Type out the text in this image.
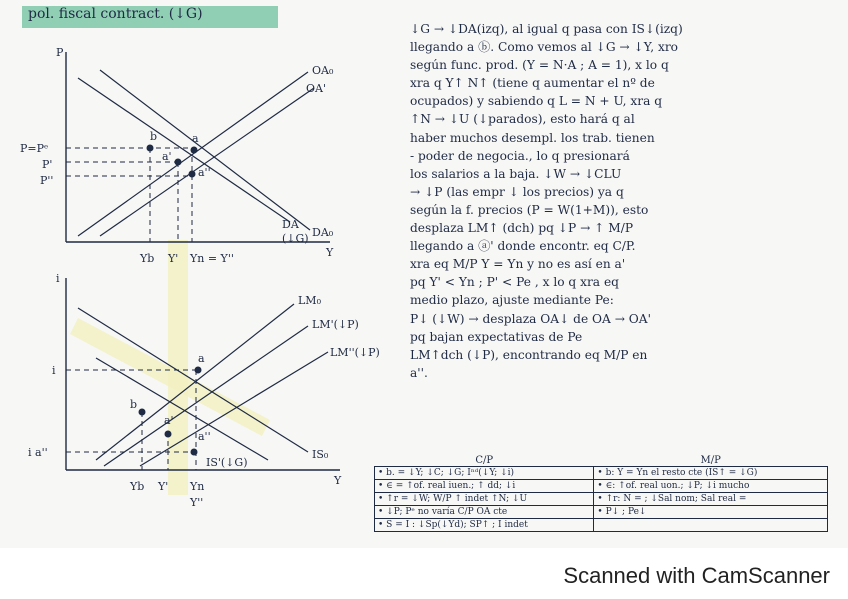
pol. fiscal contract. (↓G)
P
Y
P=Pᵉ
P'
P''
OA₀
OA'
DA
DA₀
(↓G)
b	a
a'
a''
Yb Y' Yn = Y''
i
Y
i
i a''
LM₀
LM'(↓P)
LM''(↓P)
IS₀
IS'(↓G)
b
a
a'
a''
Yb Y' Yn
Y''
↓G → ↓DA(izq), al igual q pasa con IS↓(izq)
llegando a ⓑ. Como vemos al ↓G → ↓Y, xro
según func. prod. (Y = N·A ; A = 1), x lo q
xra q Y↑ N↑ (tiene q aumentar el nº de
ocupados) y sabiendo q L = N + U, xra q
↑N → ↓U (↓parados), esto hará q al
haber muchos desempl. los trab. tienen
- poder de negocia., lo q presionará
los salarios a la baja. ↓W → ↓CLU
→ ↓P (las empr ↓ los precios) ya q
según la f. precios (P = W(1+M)), esto
desplaza LM↑ (dch) pq ↓P → ↑ M/P
llegando a ⓐ' donde encontr. eq C/P.
xra eq M/P Y = Yn y no es así en a'
pq Y' < Yn ; P' < Pe , x lo q xra eq
medio plazo, ajuste mediante Pe:
P↓ (↓W) → desplaza OA↓ de OA → OA'
pq bajan expectativas de Pe
LM↑dch (↓P), encontrando eq M/P en
a''.
C/P	M/P
• b. = ↓Y; ↓C; ↓G; Iⁿᵈ(↓Y; ↓i)	• b: Y = Yn el resto cte (IS↑ = ↓G)
• ∈ = ↑of. real iuen.; ↑ dd; ↓i	• ∈: ↑of. real uon.; ↓P; ↓i mucho
• ↑r = ↓W; W/P ↑ indet ↑N; ↓U	• ↑r: N = ; ↓Sal nom; Sal real =
• ↓P; Pᵉ no varía C/P OA cte	• P↓ ; Pe↓
• S = I : ↓Sp(↓Yd); SP↑ ; I indet	
Scanned with CamScanner
